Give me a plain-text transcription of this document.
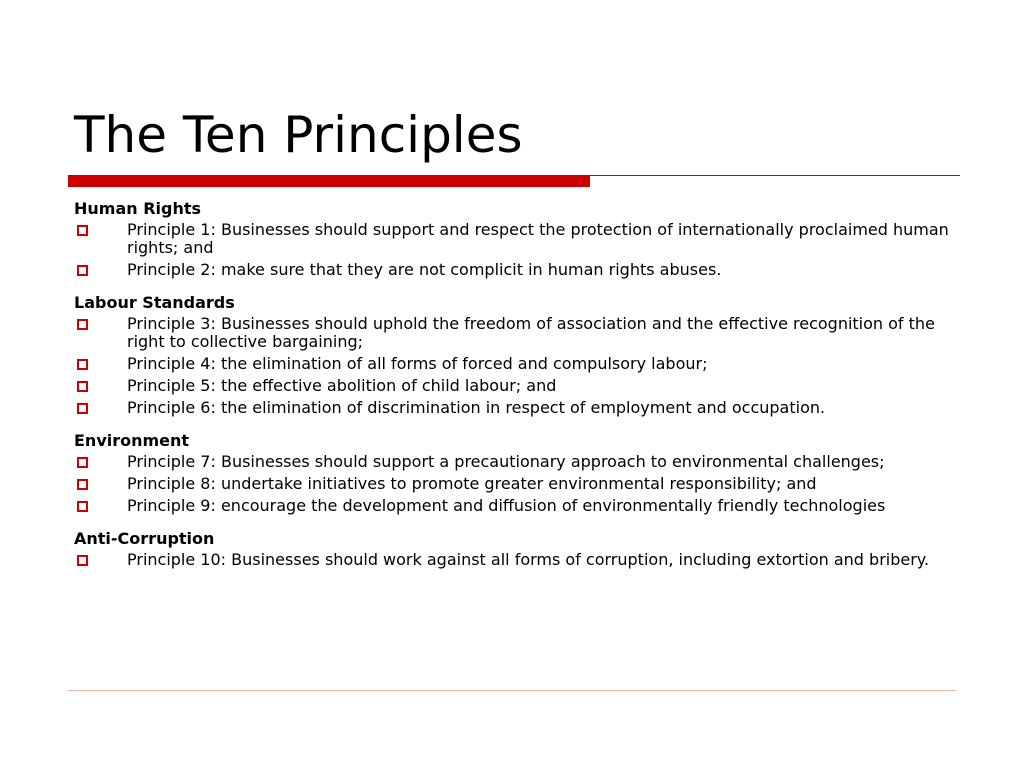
The Ten Principles
Human Rights
Principle 1: Businesses should support and respect the protection of internationally proclaimed human rights; and
Principle 2: make sure that they are not complicit in human rights abuses.
Labour Standards
Principle 3: Businesses should uphold the freedom of association and the effective recognition of the right to collective bargaining;
Principle 4: the elimination of all forms of forced and compulsory labour;
Principle 5: the effective abolition of child labour; and
Principle 6: the elimination of discrimination in respect of employment and occupation.
Environment
Principle 7: Businesses should support a precautionary approach to environmental challenges;
Principle 8: undertake initiatives to promote greater environmental responsibility; and
Principle 9: encourage the development and diffusion of environmentally friendly technologies
Anti-Corruption
Principle 10: Businesses should work against all forms of corruption, including extortion and bribery.
